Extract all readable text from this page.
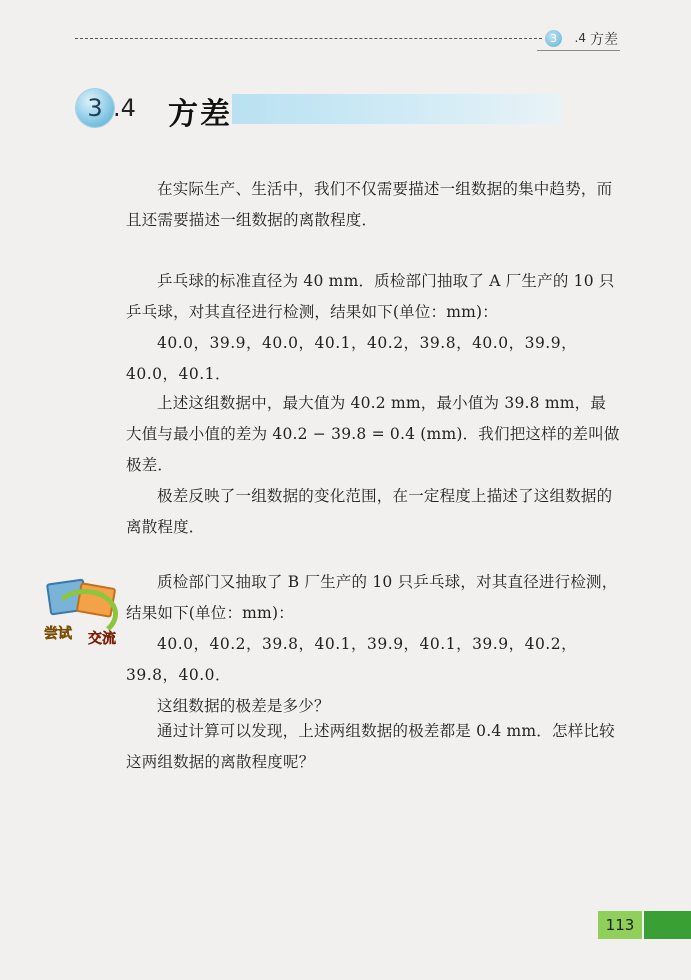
3	.4 方差
3 .4 方差

在实际生产、生活中，我们不仅需要描述一组数据的集中趋势，而且还需要描述一组数据的离散程度．

乒乓球的标准直径为 40 mm．质检部门抽取了 A 厂生产的 10 只乒乓球，对其直径进行检测，结果如下(单位：mm)：

40.0，39.9，40.0，40.1，40.2，39.8，40.0，39.9，40.0，40.1．

上述这组数据中，最大值为 40.2 mm，最小值为 39.8 mm，最大值与最小值的差为 40.2 − 39.8 = 0.4 (mm)．我们把这样的差叫做极差．

极差反映了一组数据的变化范围，在一定程度上描述了这组数据的离散程度．

尝试 交流

质检部门又抽取了 B 厂生产的 10 只乒乓球，对其直径进行检测，结果如下(单位：mm)：

40.0，40.2，39.8，40.1，39.9，40.1，39.9，40.2，39.8，40.0．

这组数据的极差是多少？

通过计算可以发现，上述两组数据的极差都是 0.4 mm．怎样比较这两组数据的离散程度呢？

113
